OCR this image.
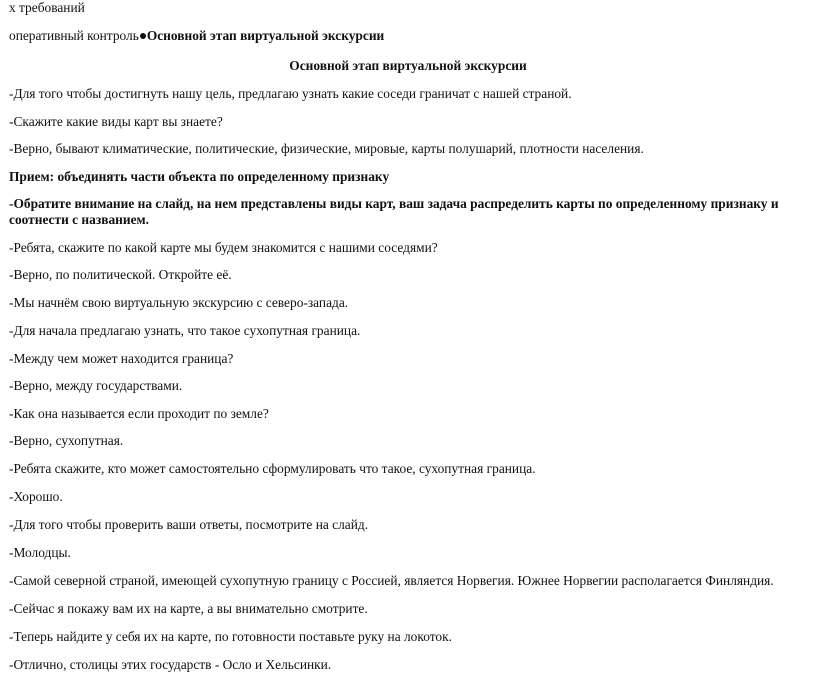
х требований
оперативный контроль Основной этап виртуальной экскурсии
Основной этап виртуальной экскурсии
-Для того чтобы достигнуть нашу цель, предлагаю узнать какие соседи граничат с нашей страной.
-Скажите какие виды карт вы знаете?
-Верно, бывают климатические, политические, физические, мировые, карты полушарий, плотности населения.
Прием: объединять части объекта по определенному признаку
-Обратите внимание на слайд, на нем представлены виды карт, ваш задача распределить карты по определенному признаку и соотнести с названием.
-Ребята, скажите по какой карте мы будем знакомится с нашими соседями?
-Верно, по политической. Откройте её.
-Мы начнём свою виртуальную экскурсию с северо-запада.
-Для начала предлагаю узнать, что такое сухопутная граница.
-Между чем может находится граница?
-Верно, между государствами.
-Как она называется если проходит по земле?
-Верно, сухопутная.
-Ребята скажите, кто может самостоятельно сформулировать что такое, сухопутная граница.
-Хорошо.
-Для того чтобы проверить ваши ответы, посмотрите на слайд.
-Молодцы.
-Самой северной страной, имеющей сухопутную границу с Россией, является Норвегия. Южнее Норвегии располагается Финляндия.
-Сейчас я покажу вам их на карте, а вы внимательно смотрите.
-Теперь найдите у себя их на карте, по готовности поставьте руку на локоток.
-Отлично, столицы этих государств - Осло и Хельсинки.
